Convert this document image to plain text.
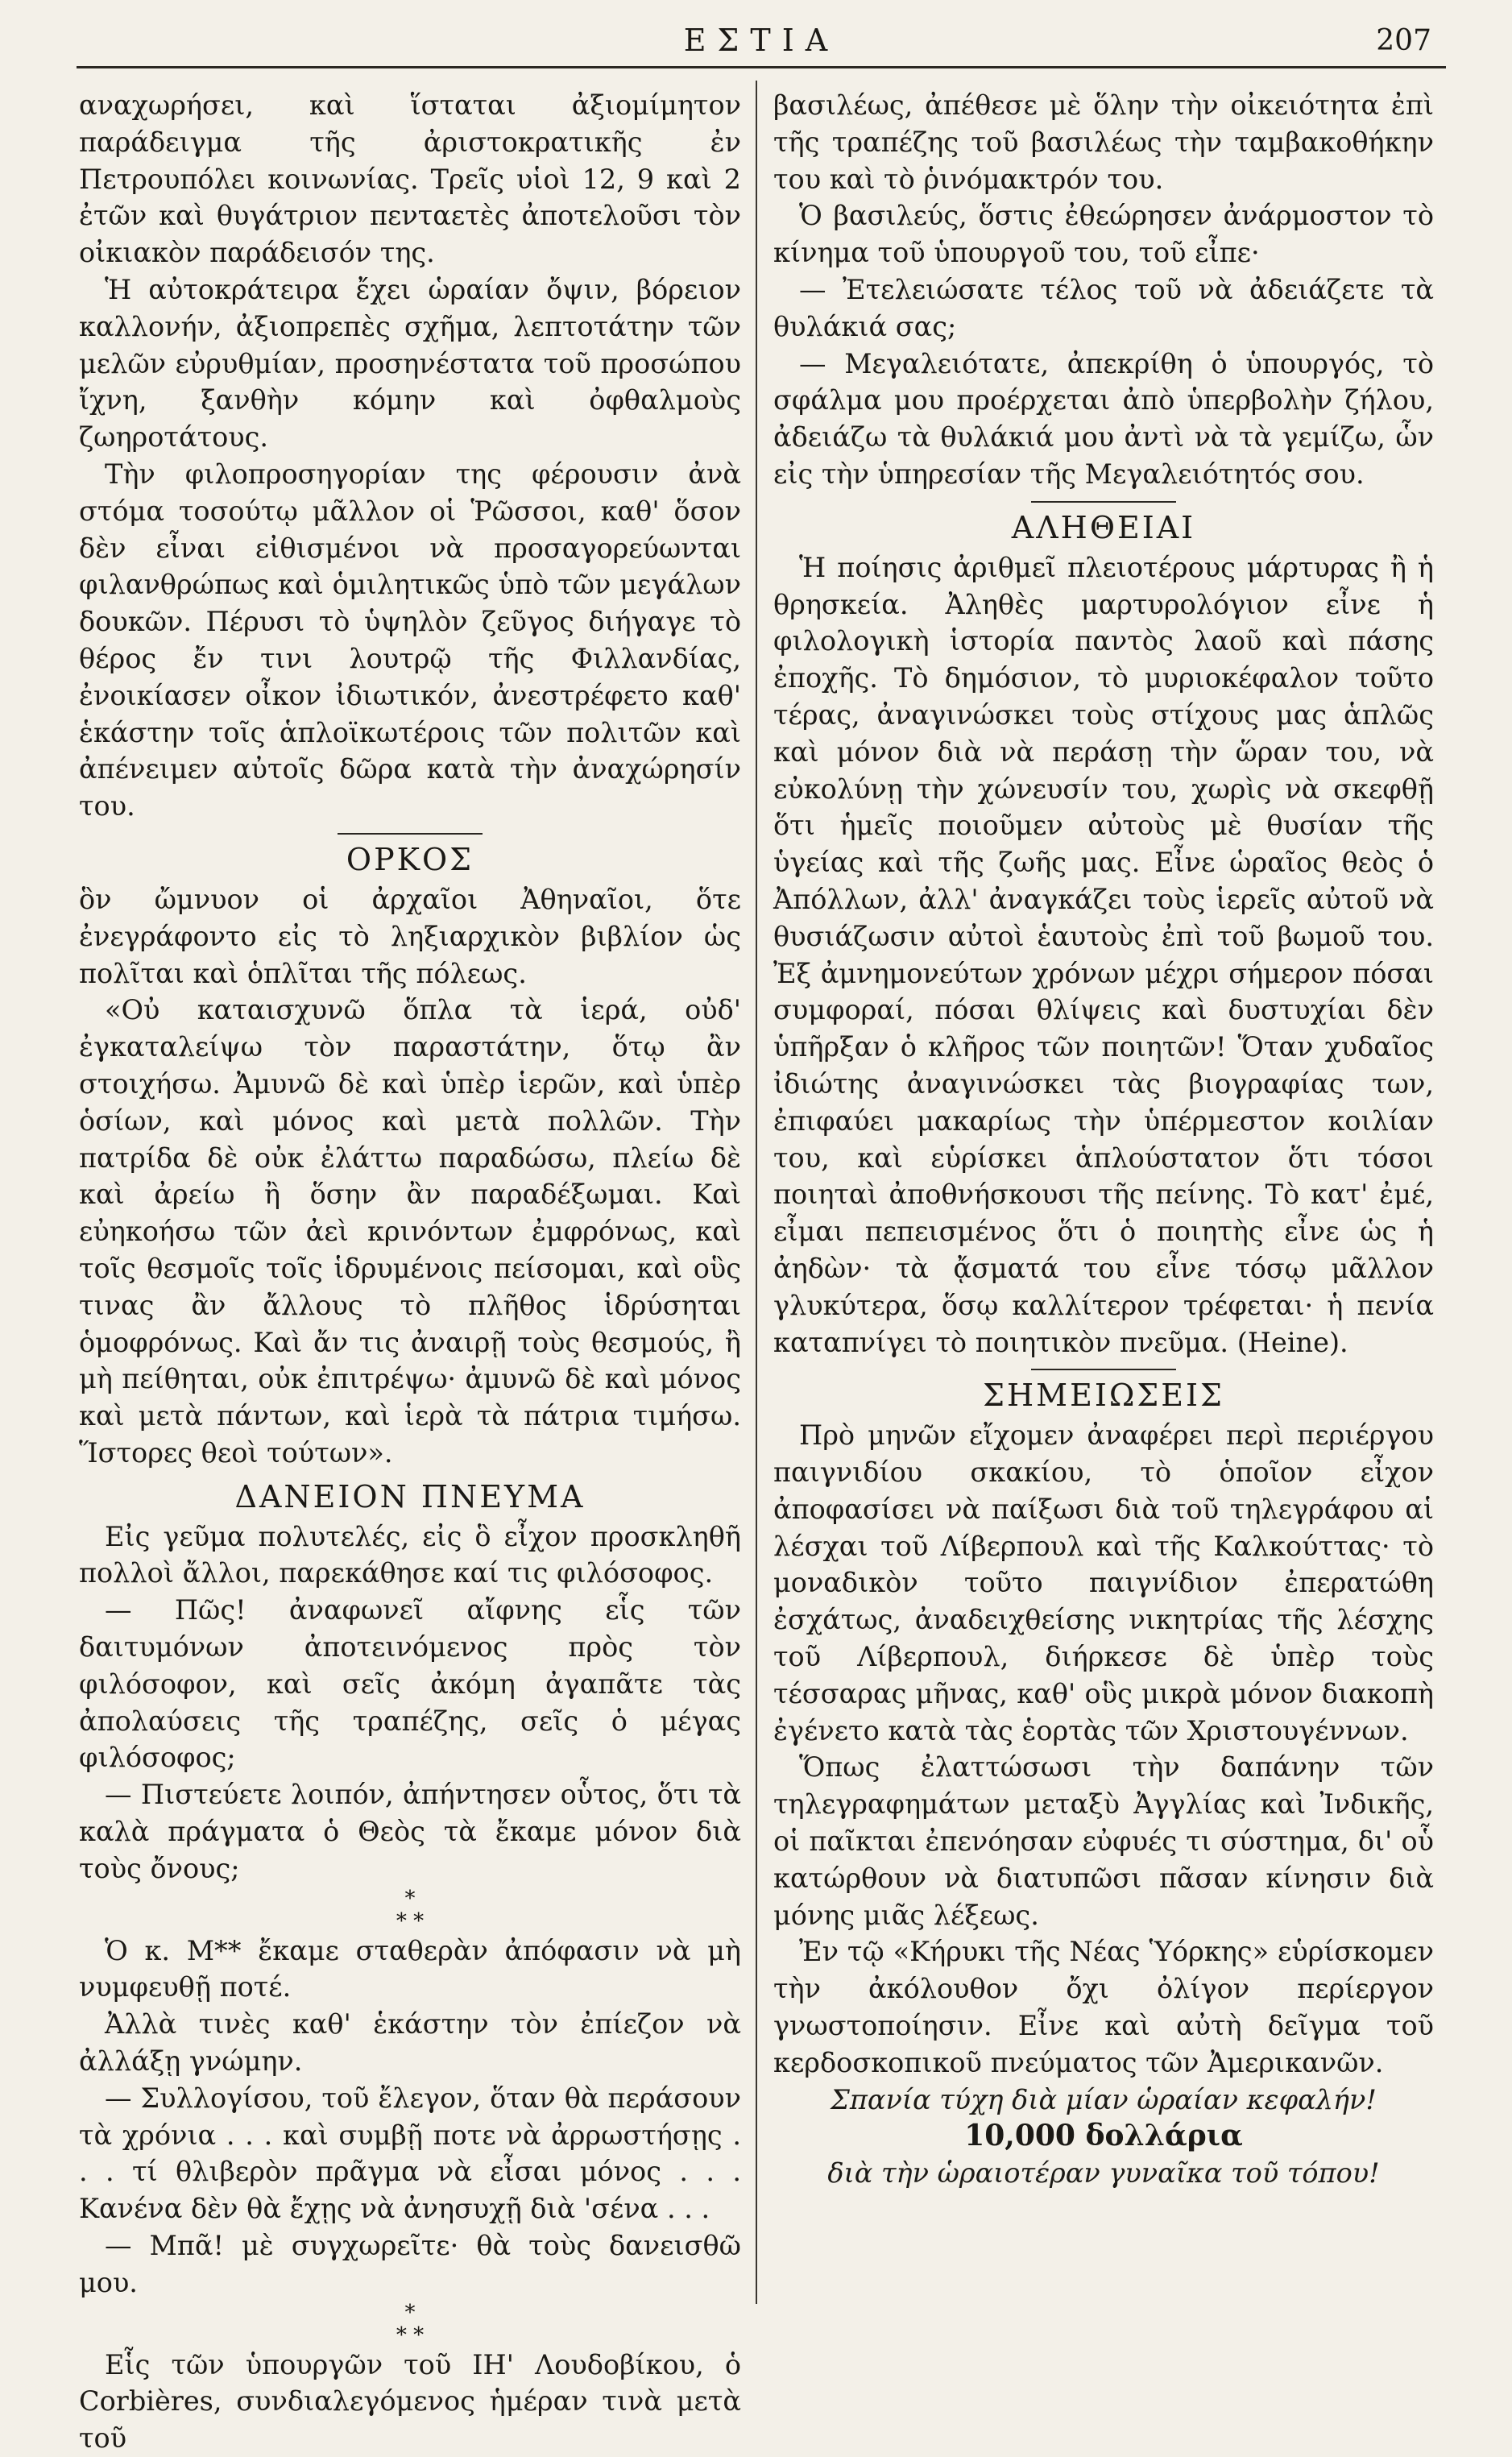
ΕΣΤΙΑ	207

αναχωρήσει, καὶ ἵσταται ἀξιομίμητον παράδειγμα τῆς ἀριστοκρατικῆς ἐν Πετρουπόλει κοινωνίας. Τρεῖς υἱοὶ 12, 9 καὶ 2 ἐτῶν καὶ θυγάτριον πενταετὲς ἀποτελοῦσι τὸν οἰκιακὸν παράδεισόν της.

Ἡ αὐτοκράτειρα ἔχει ὡραίαν ὄψιν, βόρειον καλλονήν, ἀξιοπρεπὲς σχῆμα, λεπτοτάτην τῶν μελῶν εὐρυθμίαν, προσηνέστατα τοῦ προσώπου ἴχνη, ξανθὴν κόμην καὶ ὀφθαλμοὺς ζωηροτάτους.

Τὴν φιλοπροσηγορίαν της φέρουσιν ἀνὰ στόμα τοσούτῳ μᾶλλον οἱ Ῥῶσσοι, καθ' ὅσον δὲν εἶναι εἰθισμένοι νὰ προσαγορεύωνται φιλανθρώπως καὶ ὁμιλητικῶς ὑπὸ τῶν μεγάλων δουκῶν. Πέρυσι τὸ ὑψηλὸν ζεῦγος διήγαγε τὸ θέρος ἔν τινι λουτρῷ τῆς Φιλλανδίας, ἐνοικίασεν οἶκον ἰδιωτικόν, ἀνεστρέφετο καθ' ἑκάστην τοῖς ἁπλοϊκωτέροις τῶν πολιτῶν καὶ ἀπένειμεν αὐτοῖς δῶρα κατὰ τὴν ἀναχώρησίν του.

ΟΡΚΟΣ

ὃν ὤμνυον οἱ ἀρχαῖοι Ἀθηναῖοι, ὅτε ἐνεγράφοντο εἰς τὸ ληξιαρχικὸν βιβλίον ὡς πολῖται καὶ ὁπλῖται τῆς πόλεως.

«Οὐ καταισχυνῶ ὅπλα τὰ ἱερά, οὐδ' ἐγκαταλείψω τὸν παραστάτην, ὅτῳ ἂν στοιχήσω. Ἀμυνῶ δὲ καὶ ὑπὲρ ἱερῶν, καὶ ὑπὲρ ὁσίων, καὶ μόνος καὶ μετὰ πολλῶν. Τὴν πατρίδα δὲ οὐκ ἐλάττω παραδώσω, πλείω δὲ καὶ ἀρείω ἢ ὅσην ἂν παραδέξωμαι. Καὶ εὐηκοήσω τῶν ἀεὶ κρινόντων ἐμφρόνως, καὶ τοῖς θεσμοῖς τοῖς ἱδρυμένοις πείσομαι, καὶ οὓς τινας ἂν ἄλλους τὸ πλῆθος ἱδρύσηται ὁμοφρόνως. Καὶ ἄν τις ἀναιρῇ τοὺς θεσμούς, ἢ μὴ πείθηται, οὐκ ἐπιτρέψω· ἀμυνῶ δὲ καὶ μόνος καὶ μετὰ πάντων, καὶ ἱερὰ τὰ πάτρια τιμήσω. Ἵστορες θεοὶ τούτων».

ΔΑΝΕΙΟΝ ΠΝΕΥΜΑ

Εἰς γεῦμα πολυτελές, εἰς ὃ εἶχον προσκληθῆ πολλοὶ ἄλλοι, παρεκάθησε καί τις φιλόσοφος.

— Πῶς! ἀναφωνεῖ αἴφνης εἷς τῶν δαιτυμόνων ἀποτεινόμενος πρὸς τὸν φιλόσοφον, καὶ σεῖς ἀκόμη ἀγαπᾶτε τὰς ἀπολαύσεις τῆς τραπέζης, σεῖς ὁ μέγας φιλόσοφος;

— Πιστεύετε λοιπόν, ἀπήντησεν οὗτος, ὅτι τὰ καλὰ πράγματα ὁ Θεὸς τὰ ἔκαμε μόνον διὰ τοὺς ὄνους;

*
* *

Ὁ κ. Μ** ἔκαμε σταθερὰν ἀπόφασιν νὰ μὴ νυμφευθῇ ποτέ.

Ἀλλὰ τινὲς καθ' ἑκάστην τὸν ἐπίεζον νὰ ἀλλάξῃ γνώμην.

— Συλλογίσου, τοῦ ἔλεγον, ὅταν θὰ περάσουν τὰ χρόνια . . . καὶ συμβῇ ποτε νὰ ἀρρωστήσῃς . . . τί θλιβερὸν πρᾶγμα νὰ εἶσαι μόνος . . . Κανένα δὲν θὰ ἔχῃς νὰ ἀνησυχῇ διὰ 'σένα . . .

— Μπᾶ! μὲ συγχωρεῖτε· θὰ τοὺς δανεισθῶ μου.

*
* *

Εἷς τῶν ὑπουργῶν τοῦ ΙΗ' Λουδοβίκου, ὁ Corbières, συνδιαλεγόμενος ἡμέραν τινὰ μετὰ τοῦ

βασιλέως, ἀπέθεσε μὲ ὅλην τὴν οἰκειότητα ἐπὶ τῆς τραπέζης τοῦ βασιλέως τὴν ταμβακοθήκην του καὶ τὸ ῥινόμακτρόν του.

Ὁ βασιλεύς, ὅστις ἐθεώρησεν ἀνάρμοστον τὸ κίνημα τοῦ ὑπουργοῦ του, τοῦ εἶπε·

— Ἐτελειώσατε τέλος τοῦ νὰ ἀδειάζετε τὰ θυλάκιά σας;

— Μεγαλειότατε, ἀπεκρίθη ὁ ὑπουργός, τὸ σφάλμα μου προέρχεται ἀπὸ ὑπερβολὴν ζήλου, ἀδειάζω τὰ θυλάκιά μου ἀντὶ νὰ τὰ γεμίζω, ὧν εἰς τὴν ὑπηρεσίαν τῆς Μεγαλειότητός σου.

ΑΛΗΘΕΙΑΙ

Ἡ ποίησις ἀριθμεῖ πλειοτέρους μάρτυρας ἢ ἡ θρησκεία. Ἀληθὲς μαρτυρολόγιον εἶνε ἡ φιλολογικὴ ἱστορία παντὸς λαοῦ καὶ πάσης ἐποχῆς. Τὸ δημόσιον, τὸ μυριοκέφαλον τοῦτο τέρας, ἀναγινώσκει τοὺς στίχους μας ἁπλῶς καὶ μόνον διὰ νὰ περάσῃ τὴν ὥραν του, νὰ εὐκολύνῃ τὴν χώνευσίν του, χωρὶς νὰ σκεφθῇ ὅτι ἡμεῖς ποιοῦμεν αὐτοὺς μὲ θυσίαν τῆς ὑγείας καὶ τῆς ζωῆς μας. Εἶνε ὡραῖος θεὸς ὁ Ἀπόλλων, ἀλλ' ἀναγκάζει τοὺς ἱερεῖς αὐτοῦ νὰ θυσιάζωσιν αὐτοὶ ἑαυτοὺς ἐπὶ τοῦ βωμοῦ του. Ἐξ ἀμνημονεύτων χρόνων μέχρι σήμερον πόσαι συμφοραί, πόσαι θλίψεις καὶ δυστυχίαι δὲν ὑπῆρξαν ὁ κλῆρος τῶν ποιητῶν! Ὅταν χυδαῖος ἰδιώτης ἀναγινώσκει τὰς βιογραφίας των, ἐπιφαύει μακαρίως τὴν ὑπέρμεστον κοιλίαν του, καὶ εὑρίσκει ἁπλούστατον ὅτι τόσοι ποιηταὶ ἀποθνήσκουσι τῆς πείνης. Τὸ κατ' ἐμέ, εἶμαι πεπεισμένος ὅτι ὁ ποιητὴς εἶνε ὡς ἡ ἀηδὼν· τὰ ᾄσματά του εἶνε τόσῳ μᾶλλον γλυκύτερα, ὅσῳ καλλίτερον τρέφεται· ἡ πενία καταπνίγει τὸ ποιητικὸν πνεῦμα. (Heine).

ΣΗΜΕΙΩΣΕΙΣ

Πρὸ μηνῶν εἴχομεν ἀναφέρει περὶ περιέργου παιγνιδίου σκακίου, τὸ ὁποῖον εἶχον ἀποφασίσει νὰ παίξωσι διὰ τοῦ τηλεγράφου αἱ λέσχαι τοῦ Λίβερπουλ καὶ τῆς Καλκούττας· τὸ μοναδικὸν τοῦτο παιγνίδιον ἐπερατώθη ἐσχάτως, ἀναδειχθείσης νικητρίας τῆς λέσχης τοῦ Λίβερπουλ, διήρκεσε δὲ ὑπὲρ τοὺς τέσσαρας μῆνας, καθ' οὓς μικρὰ μόνον διακοπὴ ἐγένετο κατὰ τὰς ἑορτὰς τῶν Χριστουγέννων.

Ὅπως ἐλαττώσωσι τὴν δαπάνην τῶν τηλεγραφημάτων μεταξὺ Ἀγγλίας καὶ Ἰνδικῆς, οἱ παῖκται ἐπενόησαν εὐφυές τι σύστημα, δι' οὗ κατώρθουν νὰ διατυπῶσι πᾶσαν κίνησιν διὰ μόνης μιᾶς λέξεως.

Ἐν τῷ «Κήρυκι τῆς Νέας Ὑόρκης» εὑρίσκομεν τὴν ἀκόλουθον ὄχι ὀλίγον περίεργον γνωστοποίησιν. Εἶνε καὶ αὐτὴ δεῖγμα τοῦ κερδοσκοπικοῦ πνεύματος τῶν Ἀμερικανῶν.

Σπανία τύχη διὰ μίαν ὡραίαν κεφαλήν!

10,000 δολλάρια

διὰ τὴν ὡραιοτέραν γυναῖκα τοῦ τόπου!
